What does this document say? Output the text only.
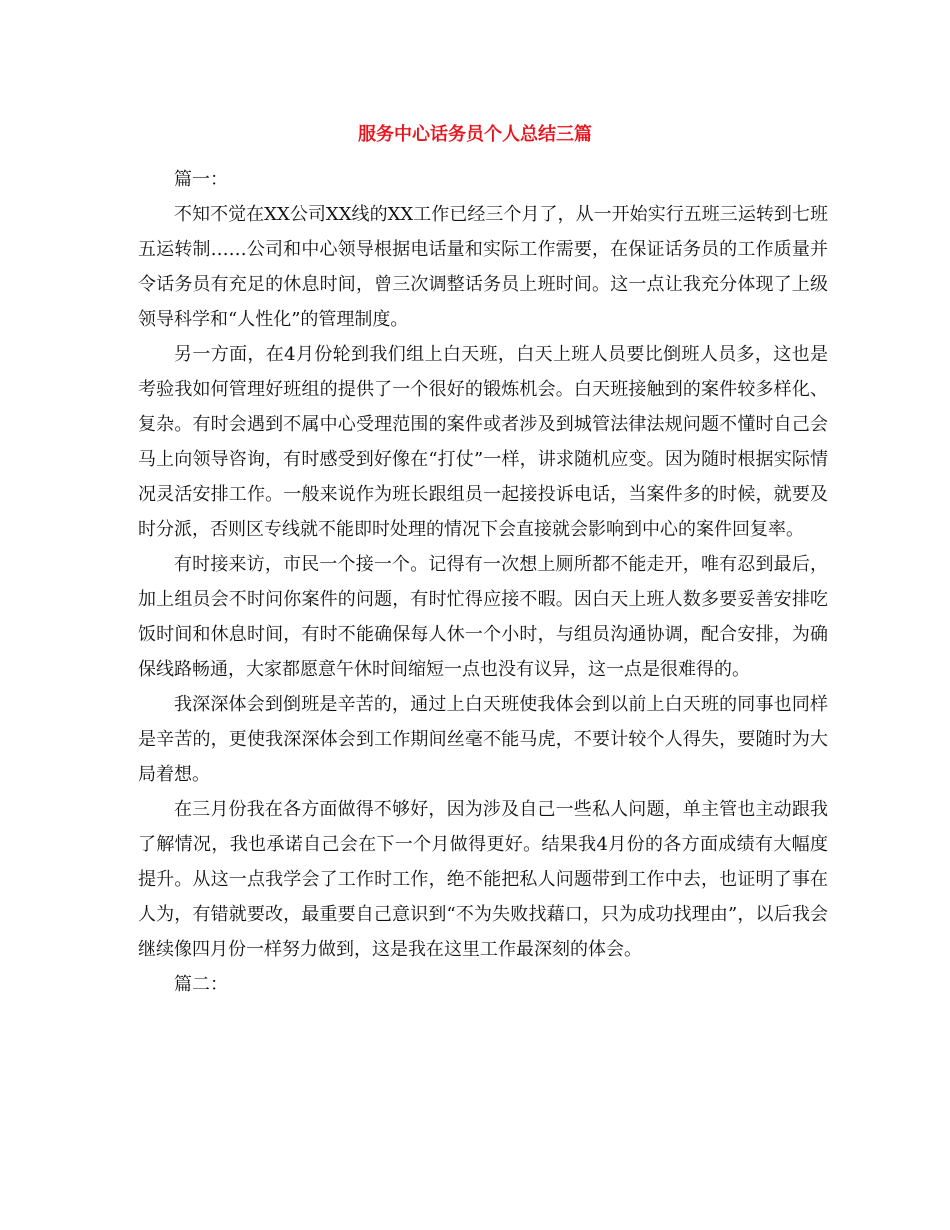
服务中心话务员个人总结三篇

篇一：

不知不觉在XX公司XX线的XX工作已经三个月了，从一开始实行五班三运转到七班五运转制……公司和中心领导根据电话量和实际工作需要，在保证话务员的工作质量并令话务员有充足的休息时间，曾三次调整话务员上班时间。这一点让我充分体现了上级领导科学和“人性化”的管理制度。

另一方面，在4月份轮到我们组上白天班，白天上班人员要比倒班人员多，这也是考验我如何管理好班组的提供了一个很好的锻炼机会。白天班接触到的案件较多样化、复杂。有时会遇到不属中心受理范围的案件或者涉及到城管法律法规问题不懂时自己会马上向领导咨询，有时感受到好像在“打仗”一样，讲求随机应变。因为随时根据实际情况灵活安排工作。一般来说作为班长跟组员一起接投诉电话，当案件多的时候，就要及时分派，否则区专线就不能即时处理的情况下会直接就会影响到中心的案件回复率。

有时接来访，市民一个接一个。记得有一次想上厕所都不能走开，唯有忍到最后，加上组员会不时问你案件的问题，有时忙得应接不暇。因白天上班人数多要妥善安排吃饭时间和休息时间，有时不能确保每人休一个小时，与组员沟通协调，配合安排，为确保线路畅通，大家都愿意午休时间缩短一点也没有议异，这一点是很难得的。

我深深体会到倒班是辛苦的，通过上白天班使我体会到以前上白天班的同事也同样是辛苦的，更使我深深体会到工作期间丝毫不能马虎，不要计较个人得失，要随时为大局着想。

在三月份我在各方面做得不够好，因为涉及自己一些私人问题，单主管也主动跟我了解情况，我也承诺自己会在下一个月做得更好。结果我4月份的各方面成绩有大幅度提升。从这一点我学会了工作时工作，绝不能把私人问题带到工作中去，也证明了事在人为，有错就要改，最重要自己意识到“不为失败找藉口，只为成功找理由”，以后我会继续像四月份一样努力做到，这是我在这里工作最深刻的体会。

篇二：
